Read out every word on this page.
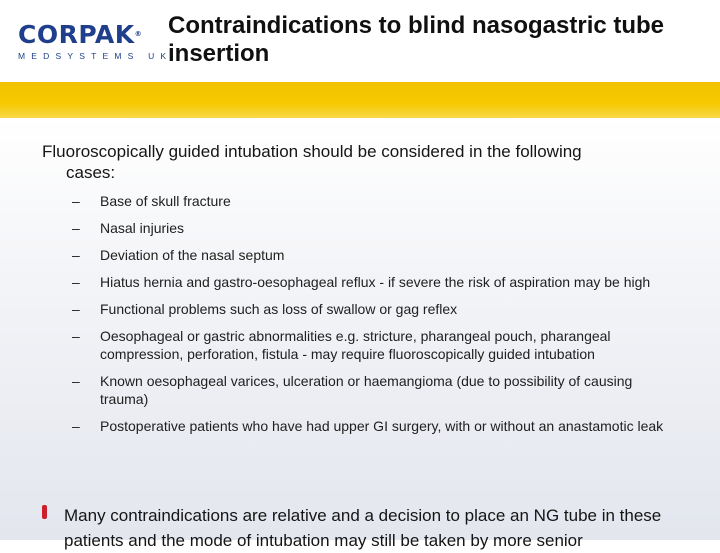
CORPAK®
MEDSYSTEMS UK
Contraindications to blind nasogastric tube insertion
Fluoroscopically guided intubation should be considered in the following
cases:
– Base of skull fracture
– Nasal injuries
– Deviation of the nasal septum
– Hiatus hernia and gastro-oesophageal reflux - if severe the risk of aspiration may be high
– Functional problems such as loss of swallow or gag reflex
– Oesophageal or gastric abnormalities e.g. stricture, pharangeal pouch, pharangeal compression, perforation, fistula - may require fluoroscopically guided intubation
– Known oesophageal varices, ulceration or haemangioma (due to possibility of causing trauma)
– Postoperative patients who have had upper GI surgery, with or without an anastamotic leak
Many contraindications are relative and a decision to place an NG tube in these patients and the mode of intubation may still be taken by more senior
